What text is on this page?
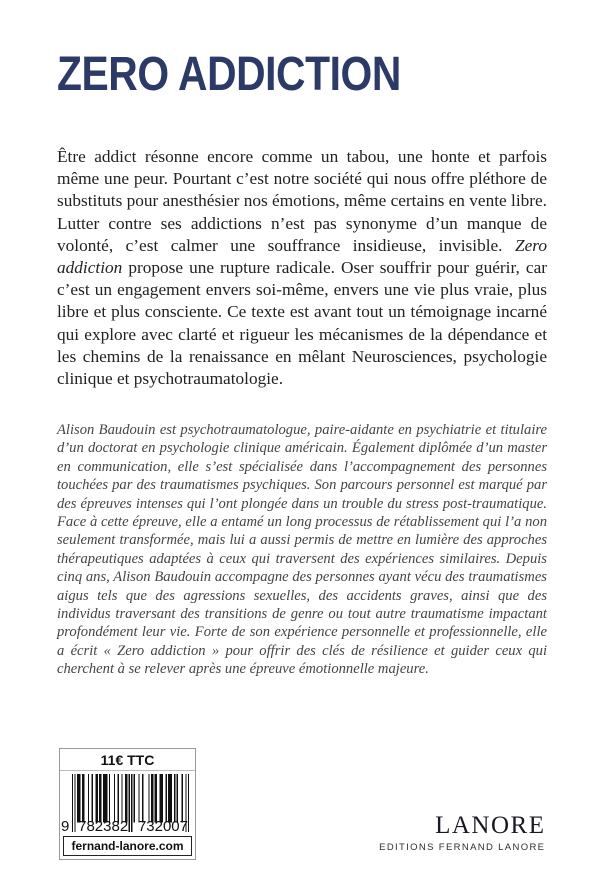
ZERO ADDICTION

Être addict résonne encore comme un tabou, une honte et parfois même une peur. Pourtant c’est notre société qui nous offre pléthore de substituts pour anesthésier nos émotions, même certains en vente libre. Lutter contre ses addictions n’est pas synonyme d’un manque de volonté, c’est calmer une souffrance insidieuse, invisible. Zero addiction propose une rupture radicale. Oser souffrir pour guérir, car c’est un engagement envers soi-même, envers une vie plus vraie, plus libre et plus consciente. Ce texte est avant tout un témoignage incarné qui explore avec clarté et rigueur les mécanismes de la dépendance et les chemins de la renaissance en mêlant Neurosciences, psychologie clinique et psychotraumatologie.

Alison Baudouin est psychotraumatologue, paire-aidante en psychiatrie et titulaire d’un doctorat en psychologie clinique américain. Également diplômée d’un master en communication, elle s’est spécialisée dans l’accompagnement des personnes touchées par des traumatismes psychiques. Son parcours personnel est marqué par des épreuves intenses qui l’ont plongée dans un trouble du stress post-traumatique. Face à cette épreuve, elle a entamé un long processus de rétablissement qui l’a non seulement transformée, mais lui a aussi permis de mettre en lumière des approches thérapeutiques adaptées à ceux qui traversent des expériences similaires. Depuis cinq ans, Alison Baudouin accompagne des personnes ayant vécu des traumatismes aigus tels que des agressions sexuelles, des accidents graves, ainsi que des individus traversant des transitions de genre ou tout autre traumatisme impactant profondément leur vie. Forte de son expérience personnelle et professionnelle, elle a écrit « Zero addiction » pour offrir des clés de résilience et guider ceux qui cherchent à se relever après une épreuve émotionnelle majeure.

11€ TTC
9 782382 732007
fernand-lanore.com
LANORE
EDITIONS FERNAND LANORE
